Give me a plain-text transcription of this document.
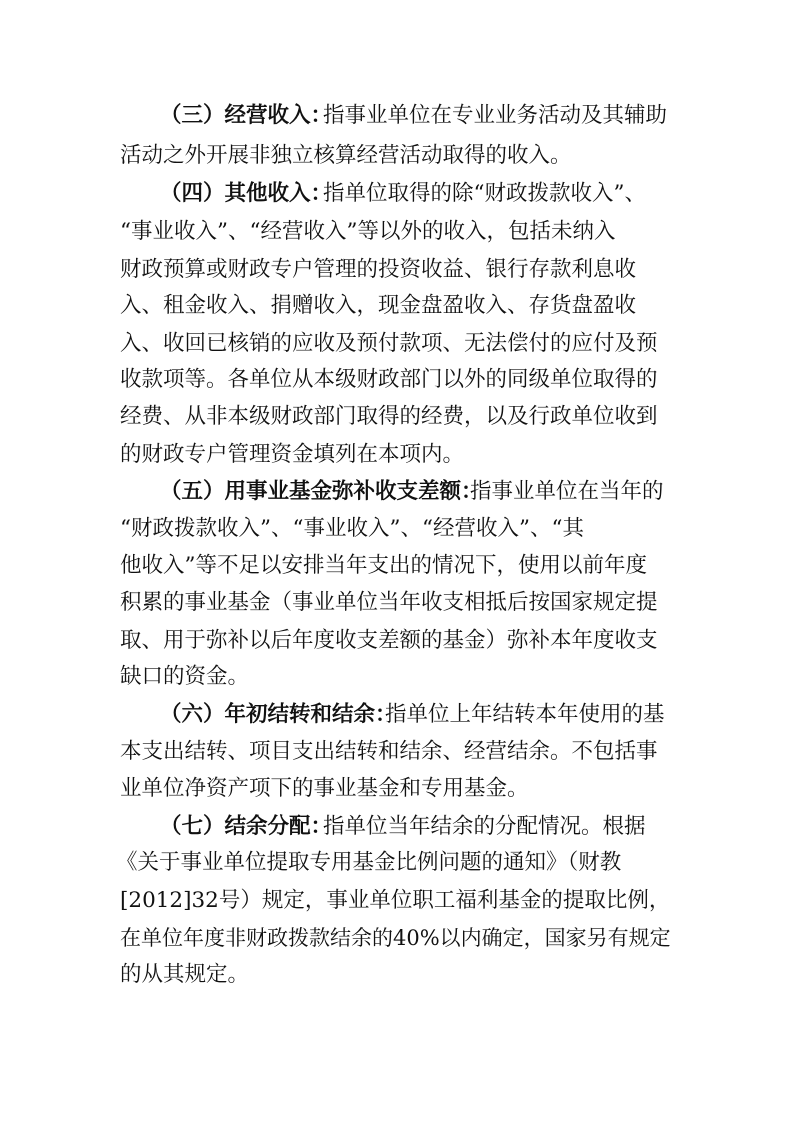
（三）经营收入：
指事业单位在专业业务活动及其辅助
活动之外开展非独立核算经营活动取得的收入。
（四）其他收入：
指单位取得的除“财政拨款收入”、
“事业收入”、“经营收入”等以外的收入，包括未纳入
财政预算或财政专户管理的投资收益、银行存款利息收
入、租金收入、捐赠收入，现金盘盈收入、存货盘盈收
入、收回已核销的应收及预付款项、无法偿付的应付及预
收款项等。各单位从本级财政部门以外的同级单位取得的
经费、从非本级财政部门取得的经费，以及行政单位收到
的财政专户管理资金填列在本项内。
（五）用事业基金弥补收支差额：
指事业单位在当年的
“财政拨款收入”、“事业收入”、“经营收入”、“其
他收入”等不足以安排当年支出的情况下，使用以前年度
积累的事业基金（事业单位当年收支相抵后按国家规定提
取、用于弥补以后年度收支差额的基金）弥补本年度收支
缺口的资金。
（六）年初结转和结余：
指单位上年结转本年使用的基
本支出结转、项目支出结转和结余、经营结余。不包括事
业单位净资产项下的事业基金和专用基金。
（七）结余分配：
指单位当年结余的分配情况。根据
《关于事业单位提取专用基金比例问题的通知》（财教
[2012]32号）规定，事业单位职工福利基金的提取比例，
在单位年度非财政拨款结余的40%以内确定，国家另有规定
的从其规定。
